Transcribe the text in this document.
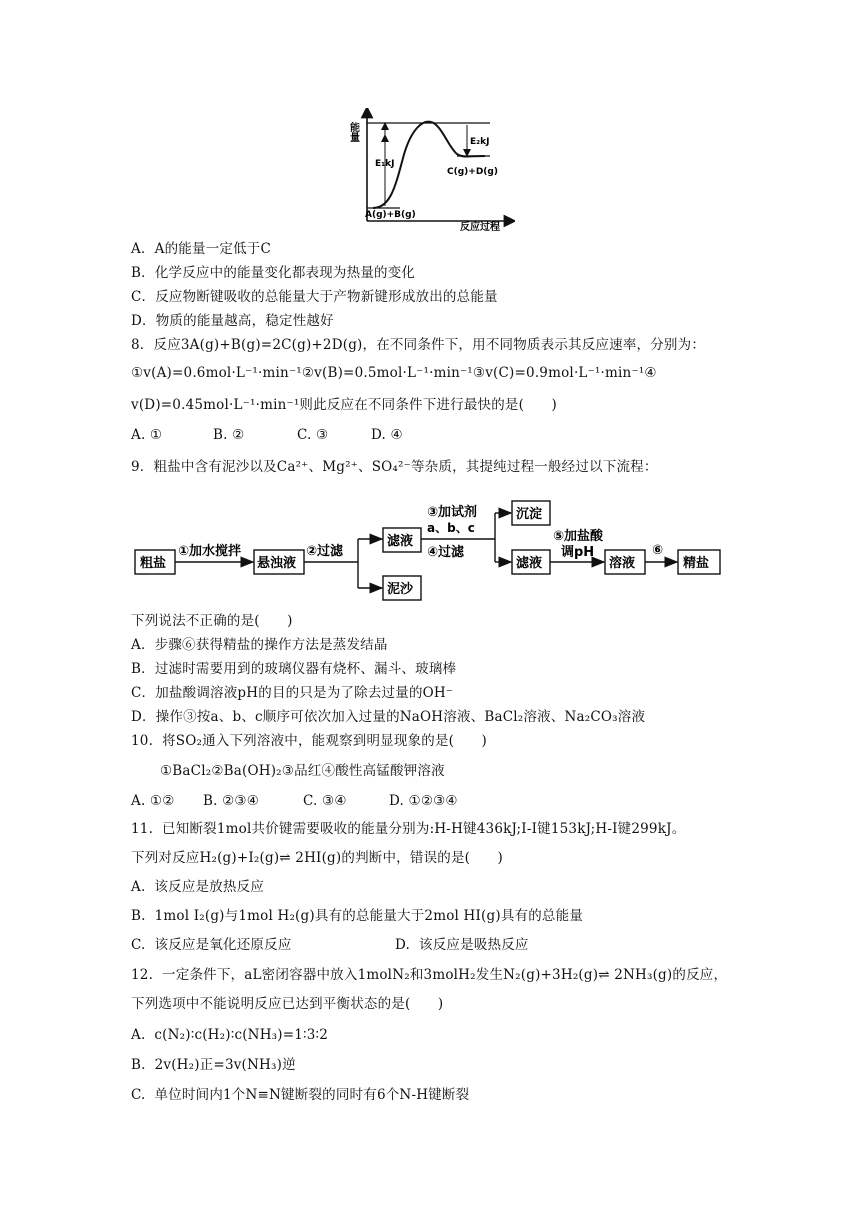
能量
E₁kJ
E₂kJ
C(g)+D(g)
A(g)+B(g)
反应过程
A．A的能量一定低于C
B．化学反应中的能量变化都表现为热量的变化
C．反应物断键吸收的总能量大于产物新键形成放出的总能量
D．物质的能量越高，稳定性越好
8．反应3A(g)+B(g)=2C(g)+2D(g)，在不同条件下，用不同物质表示其反应速率，分别为：
①v(A)=0.6mol·L⁻¹·min⁻¹②v(B)=0.5mol·L⁻¹·min⁻¹③v(C)=0.9mol·L⁻¹·min⁻¹④
v(D)=0.45mol·L⁻¹·min⁻¹则此反应在不同条件下进行最快的是(　　)

A. ①

	B. ②

	C. ③

	D. ④

9．粗盐中含有泥沙以及Ca²⁺、Mg²⁺、SO₄²⁻等杂质，其提纯过程一般经过以下流程：
粗盐
①加水搅拌
悬浊液
②过滤
滤液
泥沙
③加试剂
a、b、c
④过滤
沉淀
滤液
⑤加盐酸
调pH
溶液
⑥
精盐
下列说法不正确的是(　　)
A．步骤⑥获得精盐的操作方法是蒸发结晶
B．过滤时需要用到的玻璃仪器有烧杯、漏斗、玻璃棒
C．加盐酸调溶液pH的目的只是为了除去过量的OH⁻
D．操作③按a、b、c顺序可依次加入过量的NaOH溶液、BaCl₂溶液、Na₂CO₃溶液
10.  将SO₂通入下列溶液中，能观察到明显现象的是(　　)
①BaCl₂②Ba(OH)₂③品红④酸性高锰酸钾溶液

A. ①②

B. ②③④

	C. ③④

	D. ①②③④

11.  已知断裂1mol共价键需要吸收的能量分别为:H-H键436kJ;I-I键153kJ;H-I键299kJ。
下列对反应H₂(g)+I₂(g)⇌ 2HI(g)的判断中，错误的是(　　)
A.  该反应是放热反应
B.  1mol I₂(g)与1mol H₂(g)具有的总能量大于2mol HI(g)具有的总能量

C.  该反应是氧化还原反应

	D.  该反应是吸热反应

12.  一定条件下，aL密闭容器中放入1molN₂和3molH₂发生N₂(g)+3H₂(g)⇌ 2NH₃(g)的反应，
下列选项中不能说明反应已达到平衡状态的是(　　)
A.  c(N₂)∶c(H₂)∶c(NH₃)=1∶3∶2
B.  2v(H₂)正=3v(NH₃)逆
C.  单位时间内1个N≡N键断裂的同时有6个N-H键断裂
